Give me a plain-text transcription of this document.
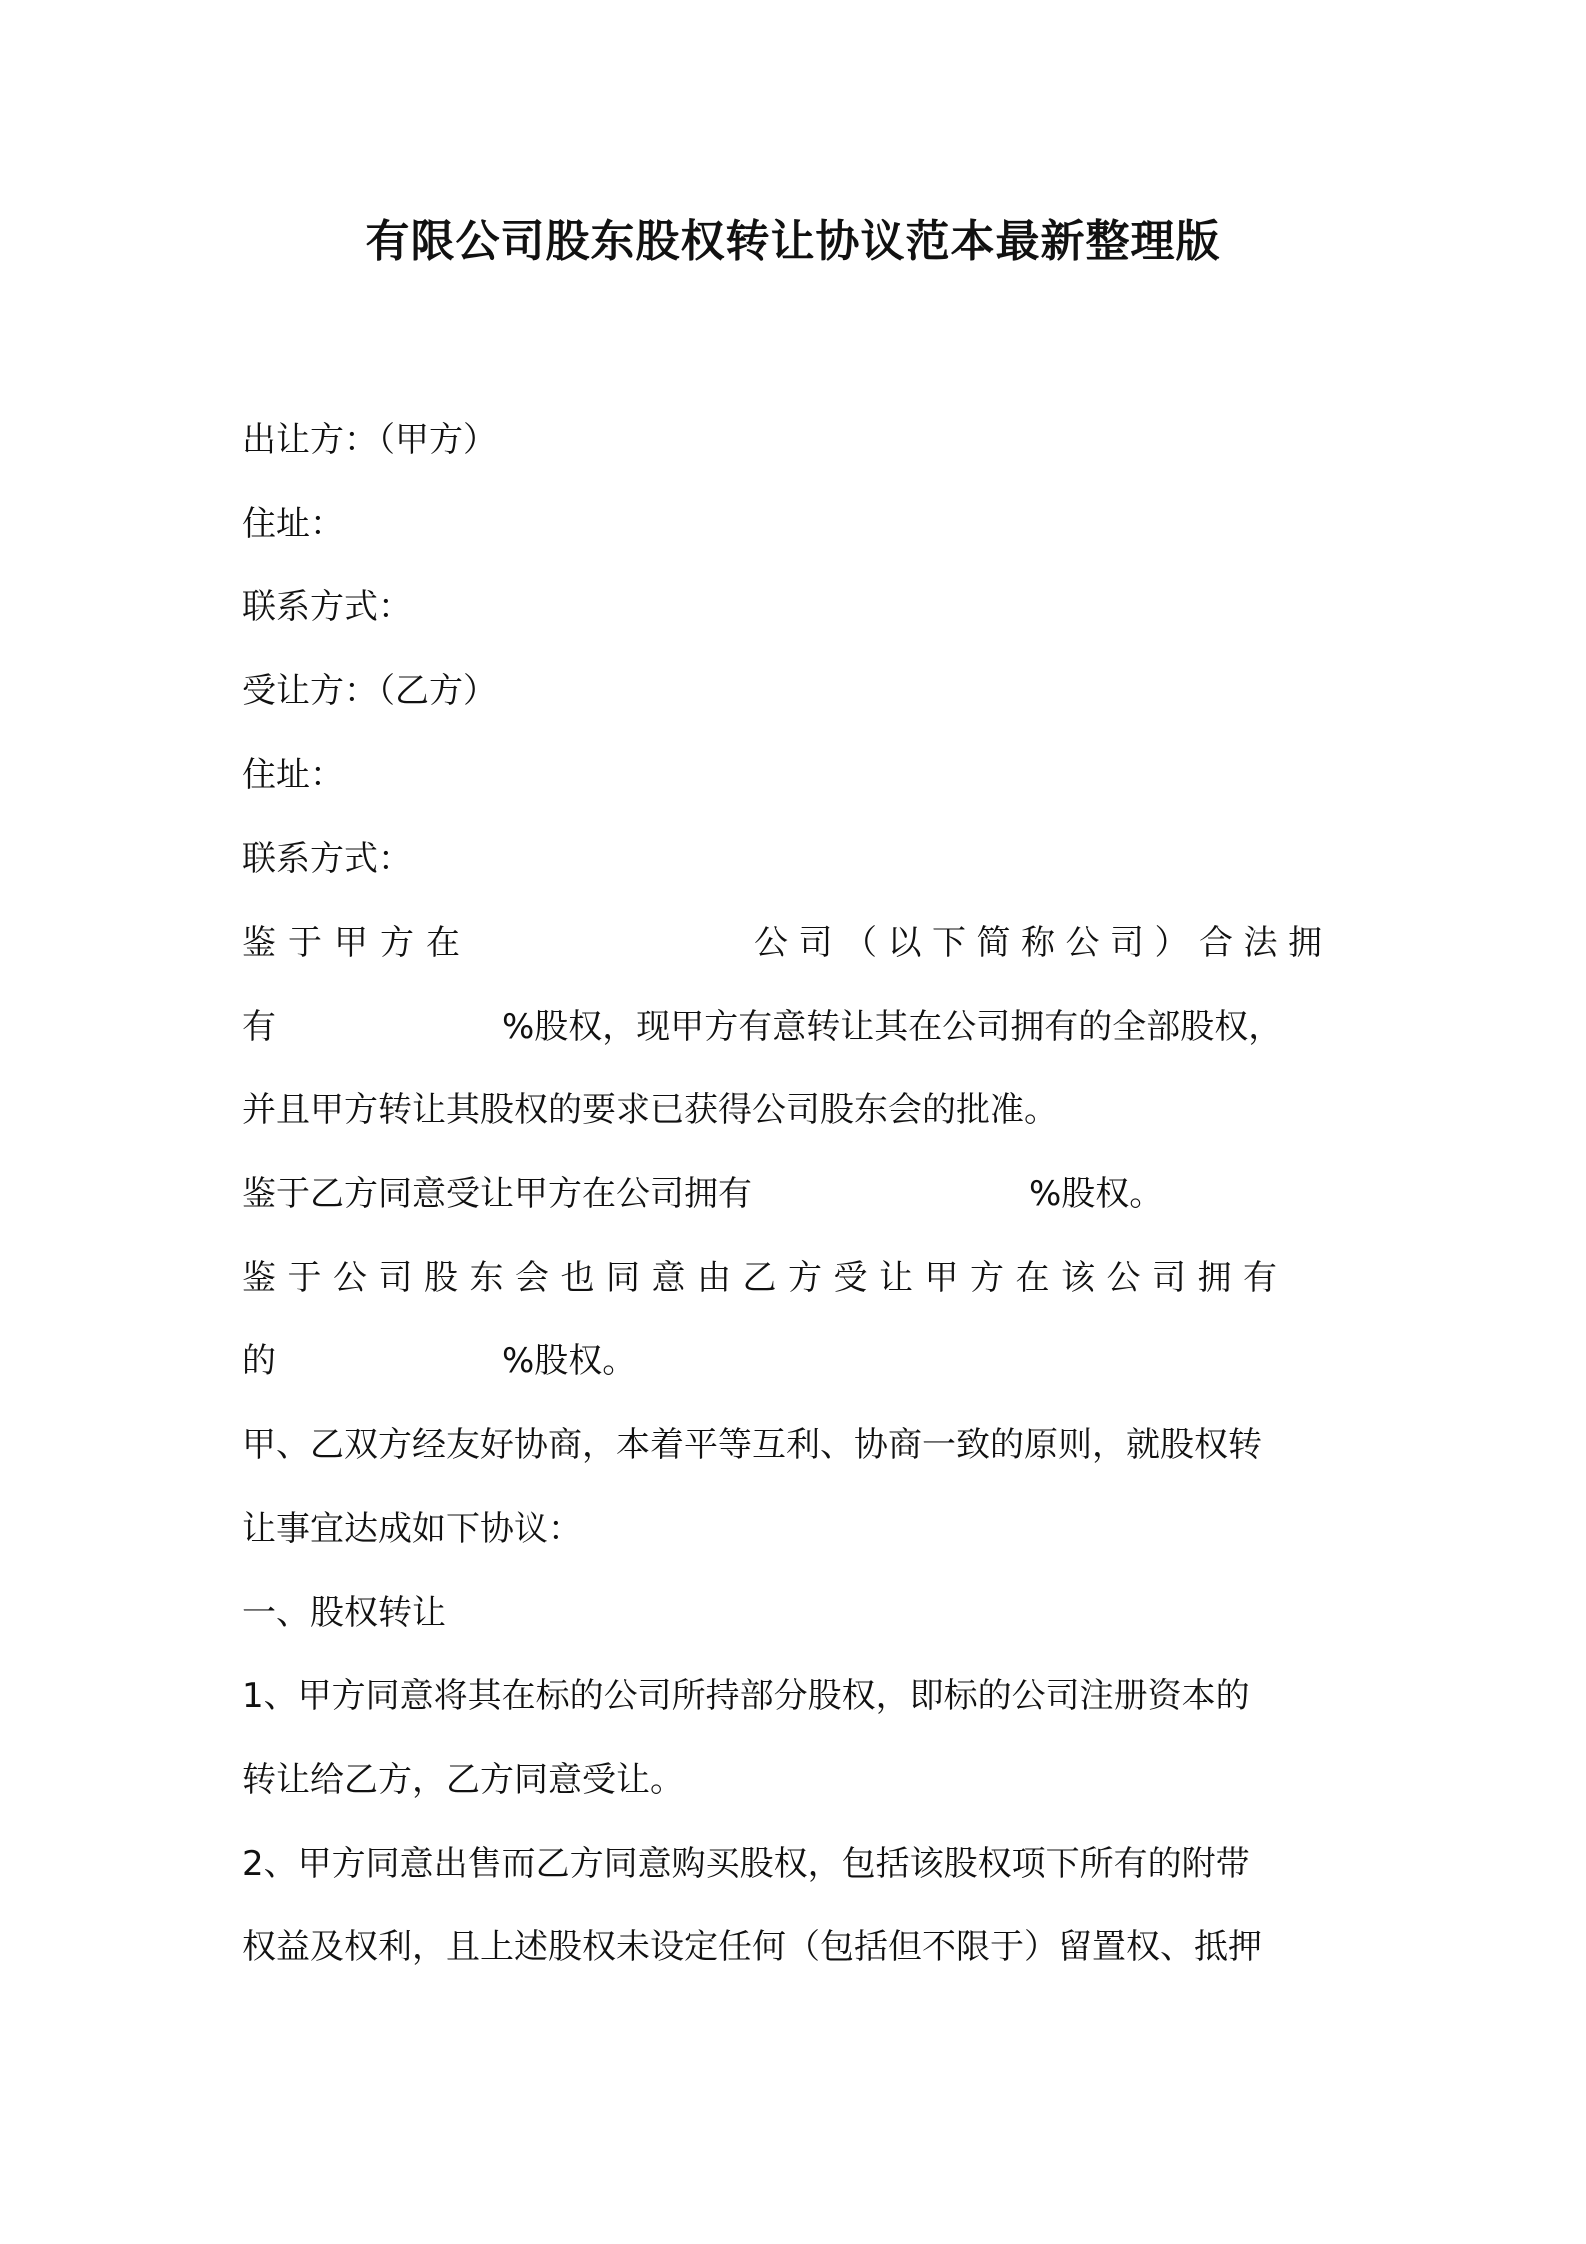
有限公司股东股权转让协议范本最新整理版
出让方：（甲方）
住址：
联系方式：
受让方：（乙方）
住址：
联系方式：
鉴于甲方在	公司（以下简称公司）合法拥
有	%股权，现甲方有意转让其在公司拥有的全部股权，
并且甲方转让其股权的要求已获得公司股东会的批准。
鉴于乙方同意受让甲方在公司拥有	%股权。
鉴于公司股东会也同意由乙方受让甲方在该公司拥有
的	%股权。
甲、乙双方经友好协商，本着平等互利、协商一致的原则，就股权转
让事宜达成如下协议：
一、股权转让
1、甲方同意将其在标的公司所持部分股权，即标的公司注册资本的
转让给乙方，乙方同意受让。
2、甲方同意出售而乙方同意购买股权，包括该股权项下所有的附带
权益及权利，且上述股权未设定任何（包括但不限于）留置权、抵押
